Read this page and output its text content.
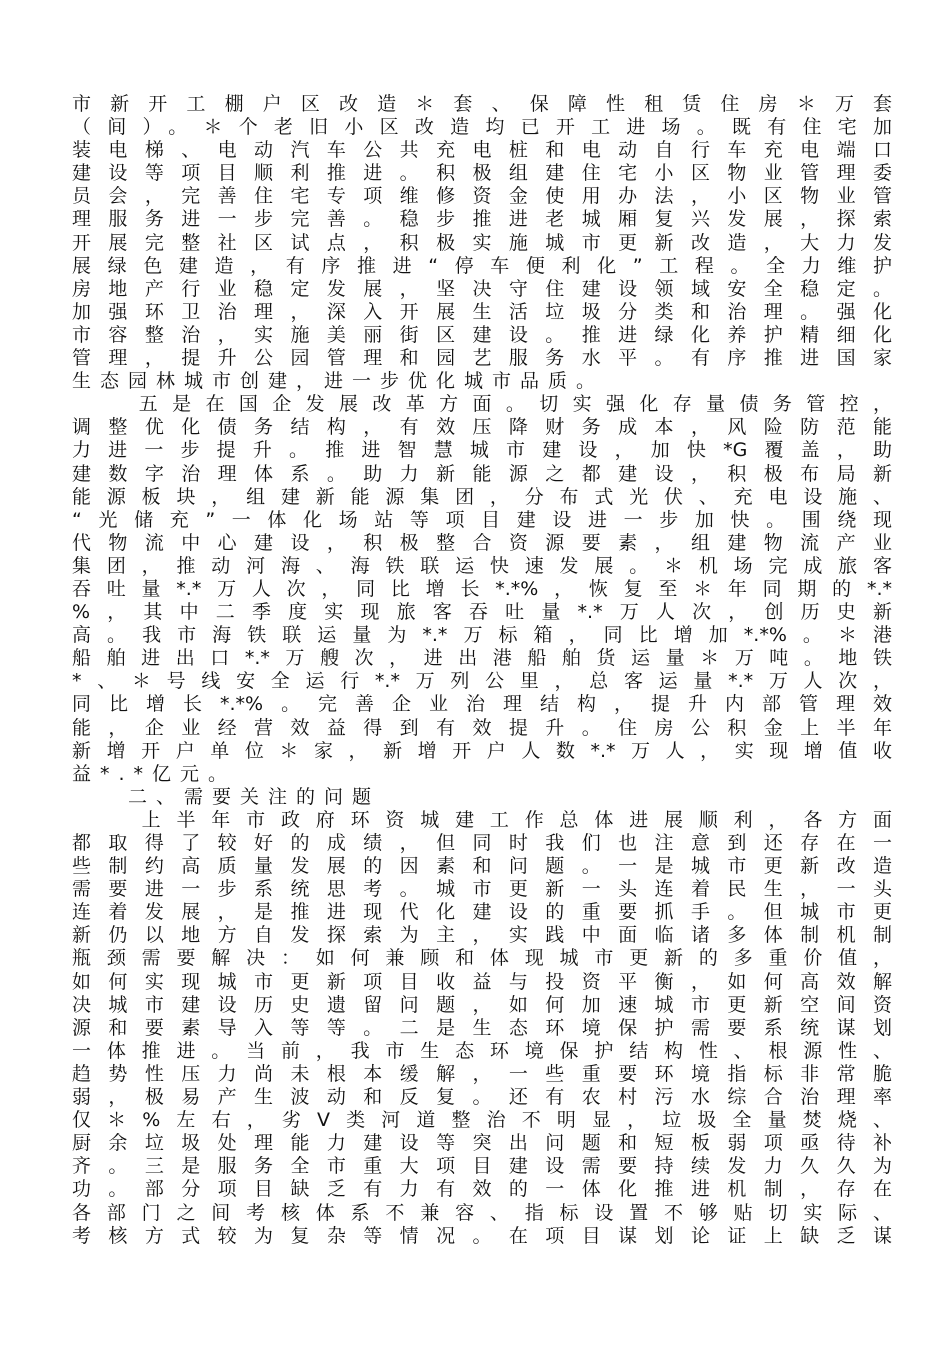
市新开工棚户区改造＊套、保障性租赁住房＊万套
（间）。＊个老旧小区改造均已开工进场。既有住宅加
装电梯、电动汽车公共充电桩和电动自行车充电端口
建设等项目顺利推进。积极组建住宅小区物业管理委
员会，完善住宅专项维修资金使用办法，小区物业管
理服务进一步完善。稳步推进老城厢复兴发展，探索
开展完整社区试点，积极实施城市更新改造，大力发
展绿色建造，有序推进“停车便利化”工程。全力维护
房地产行业稳定发展，坚决守住建设领域安全稳定。
加强环卫治理，深入开展生活垃圾分类和治理。强化
市容整治，实施美丽街区建设。推进绿化养护精细化
管理，提升公园管理和园艺服务水平。有序推进国家
生态园林城市创建，进一步优化城市品质。
　　五是在国企发展改革方面。切实强化存量债务管控，
调整优化债务结构，有效压降财务成本，风险防范能
力进一步提升。推进智慧城市建设，加快*G覆盖，助
建数字治理体系。助力新能源之都建设，积极布局新
能源板块，组建新能源集团，分布式光伏、充电设施、
“光储充”一体化场站等项目建设进一步加快。围绕现
代物流中心建设，积极整合资源要素，组建物流产业
集团，推动河海、海铁联运快速发展。＊机场完成旅客
吞吐量*.*万人次，同比增长*.*%，恢复至＊年同期的*.*
%，其中二季度实现旅客吞吐量*.*万人次，创历史新
高。我市海铁联运量为*.*万标箱，同比增加*.*%。＊港
船舶进出口*.*万艘次，进出港船舶货运量＊万吨。地铁
*、＊号线安全运行*.*万列公里，总客运量*.*万人次，
同比增长*.*%。完善企业治理结构，提升内部管理效
能，企业经营效益得到有效提升。住房公积金上半年
新增开户单位＊家，新增开户人数*.*万人，实现增值收
益*.*亿元。
　　二、需要关注的问题
　　上半年市政府环资城建工作总体进展顺利，各方面
都取得了较好的成绩，但同时我们也注意到还存在一
些制约高质量发展的因素和问题。一是城市更新改造
需要进一步系统思考。城市更新一头连着民生，一头
连着发展，是推进现代化建设的重要抓手。但城市更
新仍以地方自发探索为主，实践中面临诸多体制机制
瓶颈需要解决：如何兼顾和体现城市更新的多重价值，
如何实现城市更新项目收益与投资平衡，如何高效解
决城市建设历史遗留问题，如何加速城市更新空间资
源和要素导入等等。二是生态环境保护需要系统谋划
一体推进。当前，我市生态环境保护结构性、根源性、
趋势性压力尚未根本缓解，一些重要环境指标非常脆
弱，极易产生波动和反复。还有农村污水综合治理率
仅＊%左右，劣V类河道整治不明显，垃圾全量焚烧、
厨余垃圾处理能力建设等突出问题和短板弱项亟待补
齐。三是服务全市重大项目建设需要持续发力久久为
功。部分项目缺乏有力有效的一体化推进机制，存在
各部门之间考核体系不兼容、指标设置不够贴切实际、
考核方式较为复杂等情况。在项目谋划论证上缺乏谋
